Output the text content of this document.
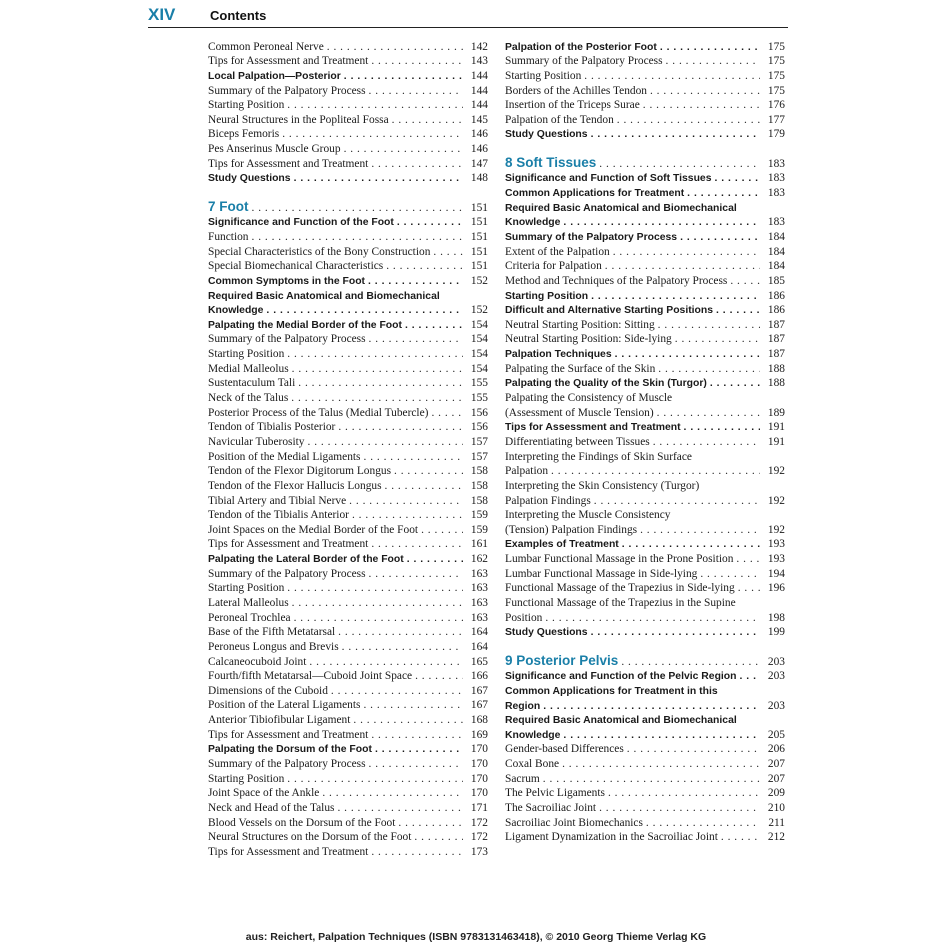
XIV	Contents
Common Peroneal Nerve . . .	142
Tips for Assessment and Treatment . . .	143
Local Palpation—Posterior . . .	144
Summary of the Palpatory Process . . .	144
Starting Position . . .	144
Neural Structures in the Popliteal Fossa . . .	145
Biceps Femoris . . .	146
Pes Anserinus Muscle Group . . .	146
Tips for Assessment and Treatment . . .	147
Study Questions . . .	148
7 Foot . . .	151
Significance and Function of the Foot . . .	151
Function . . .	151
Special Characteristics of the Bony Construction . . .	151
Special Biomechanical Characteristics . . .	151
Common Symptoms in the Foot . . .	152
Required Basic Anatomical and Biomechanical
Knowledge . . .	152
Palpating the Medial Border of the Foot . . .	154
Summary of the Palpatory Process . . .	154
Starting Position . . .	154
Medial Malleolus . . .	154
Sustentaculum Tali . . .	155
Neck of the Talus . . .	155
Posterior Process of the Talus (Medial Tubercle) . . .	156
Tendon of Tibialis Posterior . . .	156
Navicular Tuberosity . . .	157
Position of the Medial Ligaments . . .	157
Tendon of the Flexor Digitorum Longus . . .	158
Tendon of the Flexor Hallucis Longus . . .	158
Tibial Artery and Tibial Nerve . . .	158
Tendon of the Tibialis Anterior . . .	159
Joint Spaces on the Medial Border of the Foot . . .	159
Tips for Assessment and Treatment . . .	161
Palpating the Lateral Border of the Foot . . .	162
Summary of the Palpatory Process . . .	163
Starting Position . . .	163
Lateral Malleolus . . .	163
Peroneal Trochlea . . .	163
Base of the Fifth Metatarsal . . .	164
Peroneus Longus and Brevis . . .	164
Calcaneocuboid Joint . . .	165
Fourth/fifth Metatarsal—Cuboid Joint Space . . .	166
Dimensions of the Cuboid . . .	167
Position of the Lateral Ligaments . . .	167
Anterior Tibiofibular Ligament . . .	168
Tips for Assessment and Treatment . . .	169
Palpating the Dorsum of the Foot . . .	170
Summary of the Palpatory Process . . .	170
Starting Position . . .	170
Joint Space of the Ankle . . .	170
Neck and Head of the Talus . . .	171
Blood Vessels on the Dorsum of the Foot . . .	172
Neural Structures on the Dorsum of the Foot . . .	172
Tips for Assessment and Treatment . . .	173
Palpation of the Posterior Foot . . .	175
Summary of the Palpatory Process . . .	175
Starting Position . . .	175
Borders of the Achilles Tendon . . .	175
Insertion of the Triceps Surae . . .	176
Palpation of the Tendon . . .	177
Study Questions . . .	179
8 Soft Tissues . . .	183
Significance and Function of Soft Tissues . . .	183
Common Applications for Treatment . . .	183
Required Basic Anatomical and Biomechanical
Knowledge . . .	183
Summary of the Palpatory Process . . .	184
Extent of the Palpation . . .	184
Criteria for Palpation . . .	184
Method and Techniques of the Palpatory Process . . .	185
Starting Position . . .	186
Difficult and Alternative Starting Positions . . .	186
Neutral Starting Position: Sitting . . .	187
Neutral Starting Position: Side-lying . . .	187
Palpation Techniques . . .	187
Palpating the Surface of the Skin . . .	188
Palpating the Quality of the Skin (Turgor) . . .	188
Palpating the Consistency of Muscle
(Assessment of Muscle Tension) . . .	189
Tips for Assessment and Treatment . . .	191
Differentiating between Tissues . . .	191
Interpreting the Findings of Skin Surface
Palpation . . .	192
Interpreting the Skin Consistency (Turgor)
Palpation Findings . . .	192
Interpreting the Muscle Consistency
(Tension) Palpation Findings . . .	192
Examples of Treatment . . .	193
Lumbar Functional Massage in the Prone Position . . .	193
Lumbar Functional Massage in Side-lying . . .	194
Functional Massage of the Trapezius in Side-lying . . .	196
Functional Massage of the Trapezius in the Supine
Position . . .	198
Study Questions . . .	199
9 Posterior Pelvis . . .	203
Significance and Function of the Pelvic Region . . .	203
Common Applications for Treatment in this
Region . . .	203
Required Basic Anatomical and Biomechanical
Knowledge . . .	205
Gender-based Differences . . .	206
Coxal Bone . . .	207
Sacrum . . .	207
The Pelvic Ligaments . . .	209
The Sacroiliac Joint . . .	210
Sacroiliac Joint Biomechanics . . .	211
Ligament Dynamization in the Sacroiliac Joint . . .	212
aus: Reichert, Palpation Techniques (ISBN 9783131463418), © 2010 Georg Thieme Verlag KG
